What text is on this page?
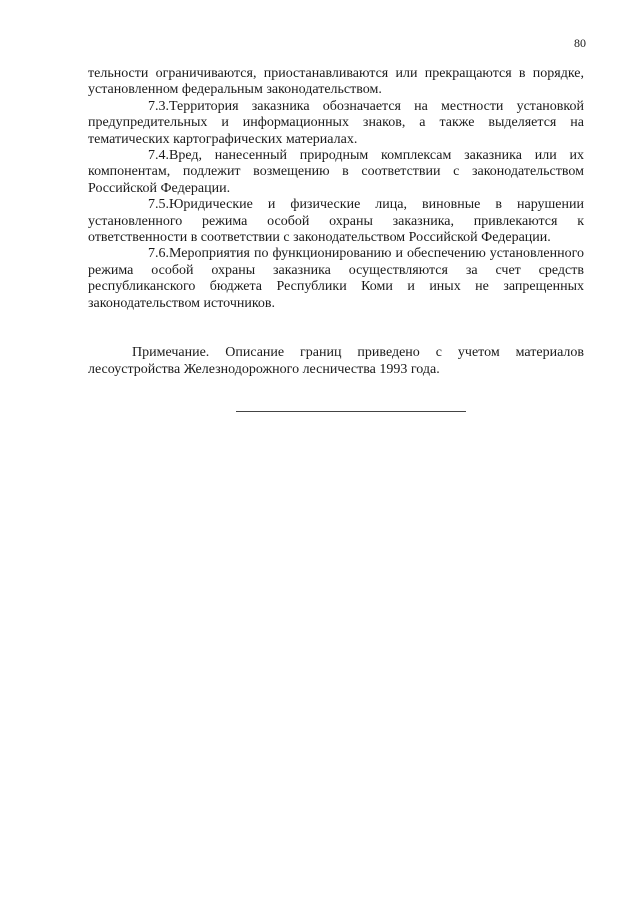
80

тельности ограничиваются, приостанавливаются или прекращаются в порядке, установленном федеральным законодательством.

7.3.Территория заказника обозначается на местности установкой предупредительных и информационных знаков, а также выделяется на тематических картографических материалах.

7.4.Вред, нанесенный природным комплексам заказника или их компонентам, подлежит возмещению в соответствии с законодательством Российской Федерации.

7.5.Юридические и физические лица, виновные в нарушении установленного режима особой охраны заказника, привлекаются к ответственности в соответствии с законодательством Российской Федерации.

7.6.Мероприятия по функционированию и обеспечению установленного режима особой охраны заказника осуществляются за счет средств республиканского бюджета Республики Коми и иных не запрещенных законодательством источников.

Примечание. Описание границ приведено с учетом материалов лесоустройства Железнодорожного лесничества 1993 года.
